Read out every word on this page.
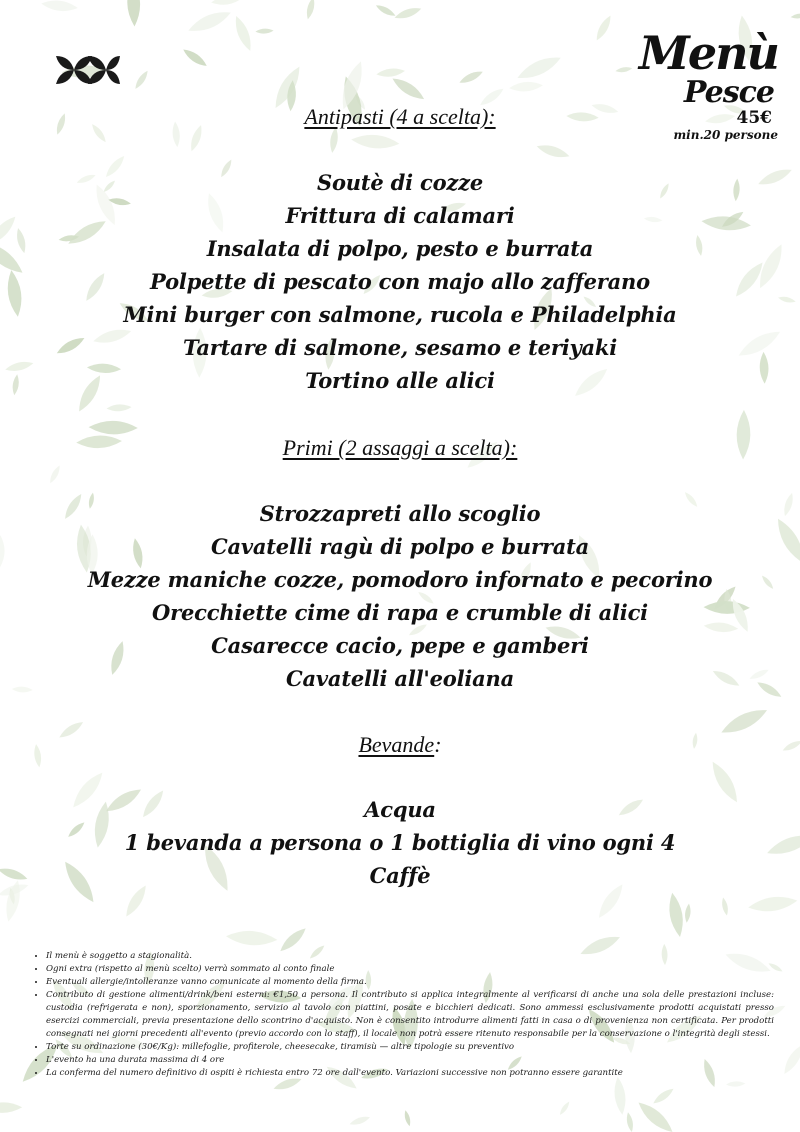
Menù
Pesce
45€
min.20 persone
Antipasti (4 a scelta):
Soutè di cozze
Frittura di calamari
Insalata di polpo, pesto e burrata
Polpette di pescato con majo allo zafferano
Mini burger con salmone, rucola e Philadelphia
Tartare di salmone, sesamo e teriyaki
Tortino alle alici
Primi (2 assaggi a scelta):
Strozzapreti allo scoglio
Cavatelli ragù di polpo e burrata
Mezze maniche cozze, pomodoro infornato e pecorino
Orecchiette cime di rapa e crumble di alici
Casarecce cacio, pepe e gamberi
Cavatelli all'eoliana
Bevande:
Acqua
1 bevanda a persona o 1 bottiglia di vino ogni 4
Caffè
• Il menù è soggetto a stagionalità.
• Ogni extra (rispetto al menù scelto) verrà sommato al conto finale
• Eventuali allergie/intolleranze vanno comunicate al momento della firma.
• Contributo di gestione alimenti/drink/beni esterni: €1,50 a persona. Il contributo si applica integralmente al verificarsi di anche una sola delle prestazioni incluse: custodia (refrigerata e non), sporzionamento, servizio al tavolo con piattini, posate e bicchieri dedicati. Sono ammessi esclusivamente prodotti acquistati presso esercizi commerciali, previa presentazione dello scontrino d'acquisto. Non è consentito introdurre alimenti fatti in casa o di provenienza non certificata. Per prodotti consegnati nei giorni precedenti all'evento (previo accordo con lo staff), il locale non potrà essere ritenuto responsabile per la conservazione o l'integrità degli stessi.
• Torte su ordinazione (30€/Kg): millefoglie, profiterole, cheesecake, tiramisù — altre tipologie su preventivo
• L'evento ha una durata massima di 4 ore
• La conferma del numero definitivo di ospiti è richiesta entro 72 ore dall'evento. Variazioni successive non potranno essere garantite
